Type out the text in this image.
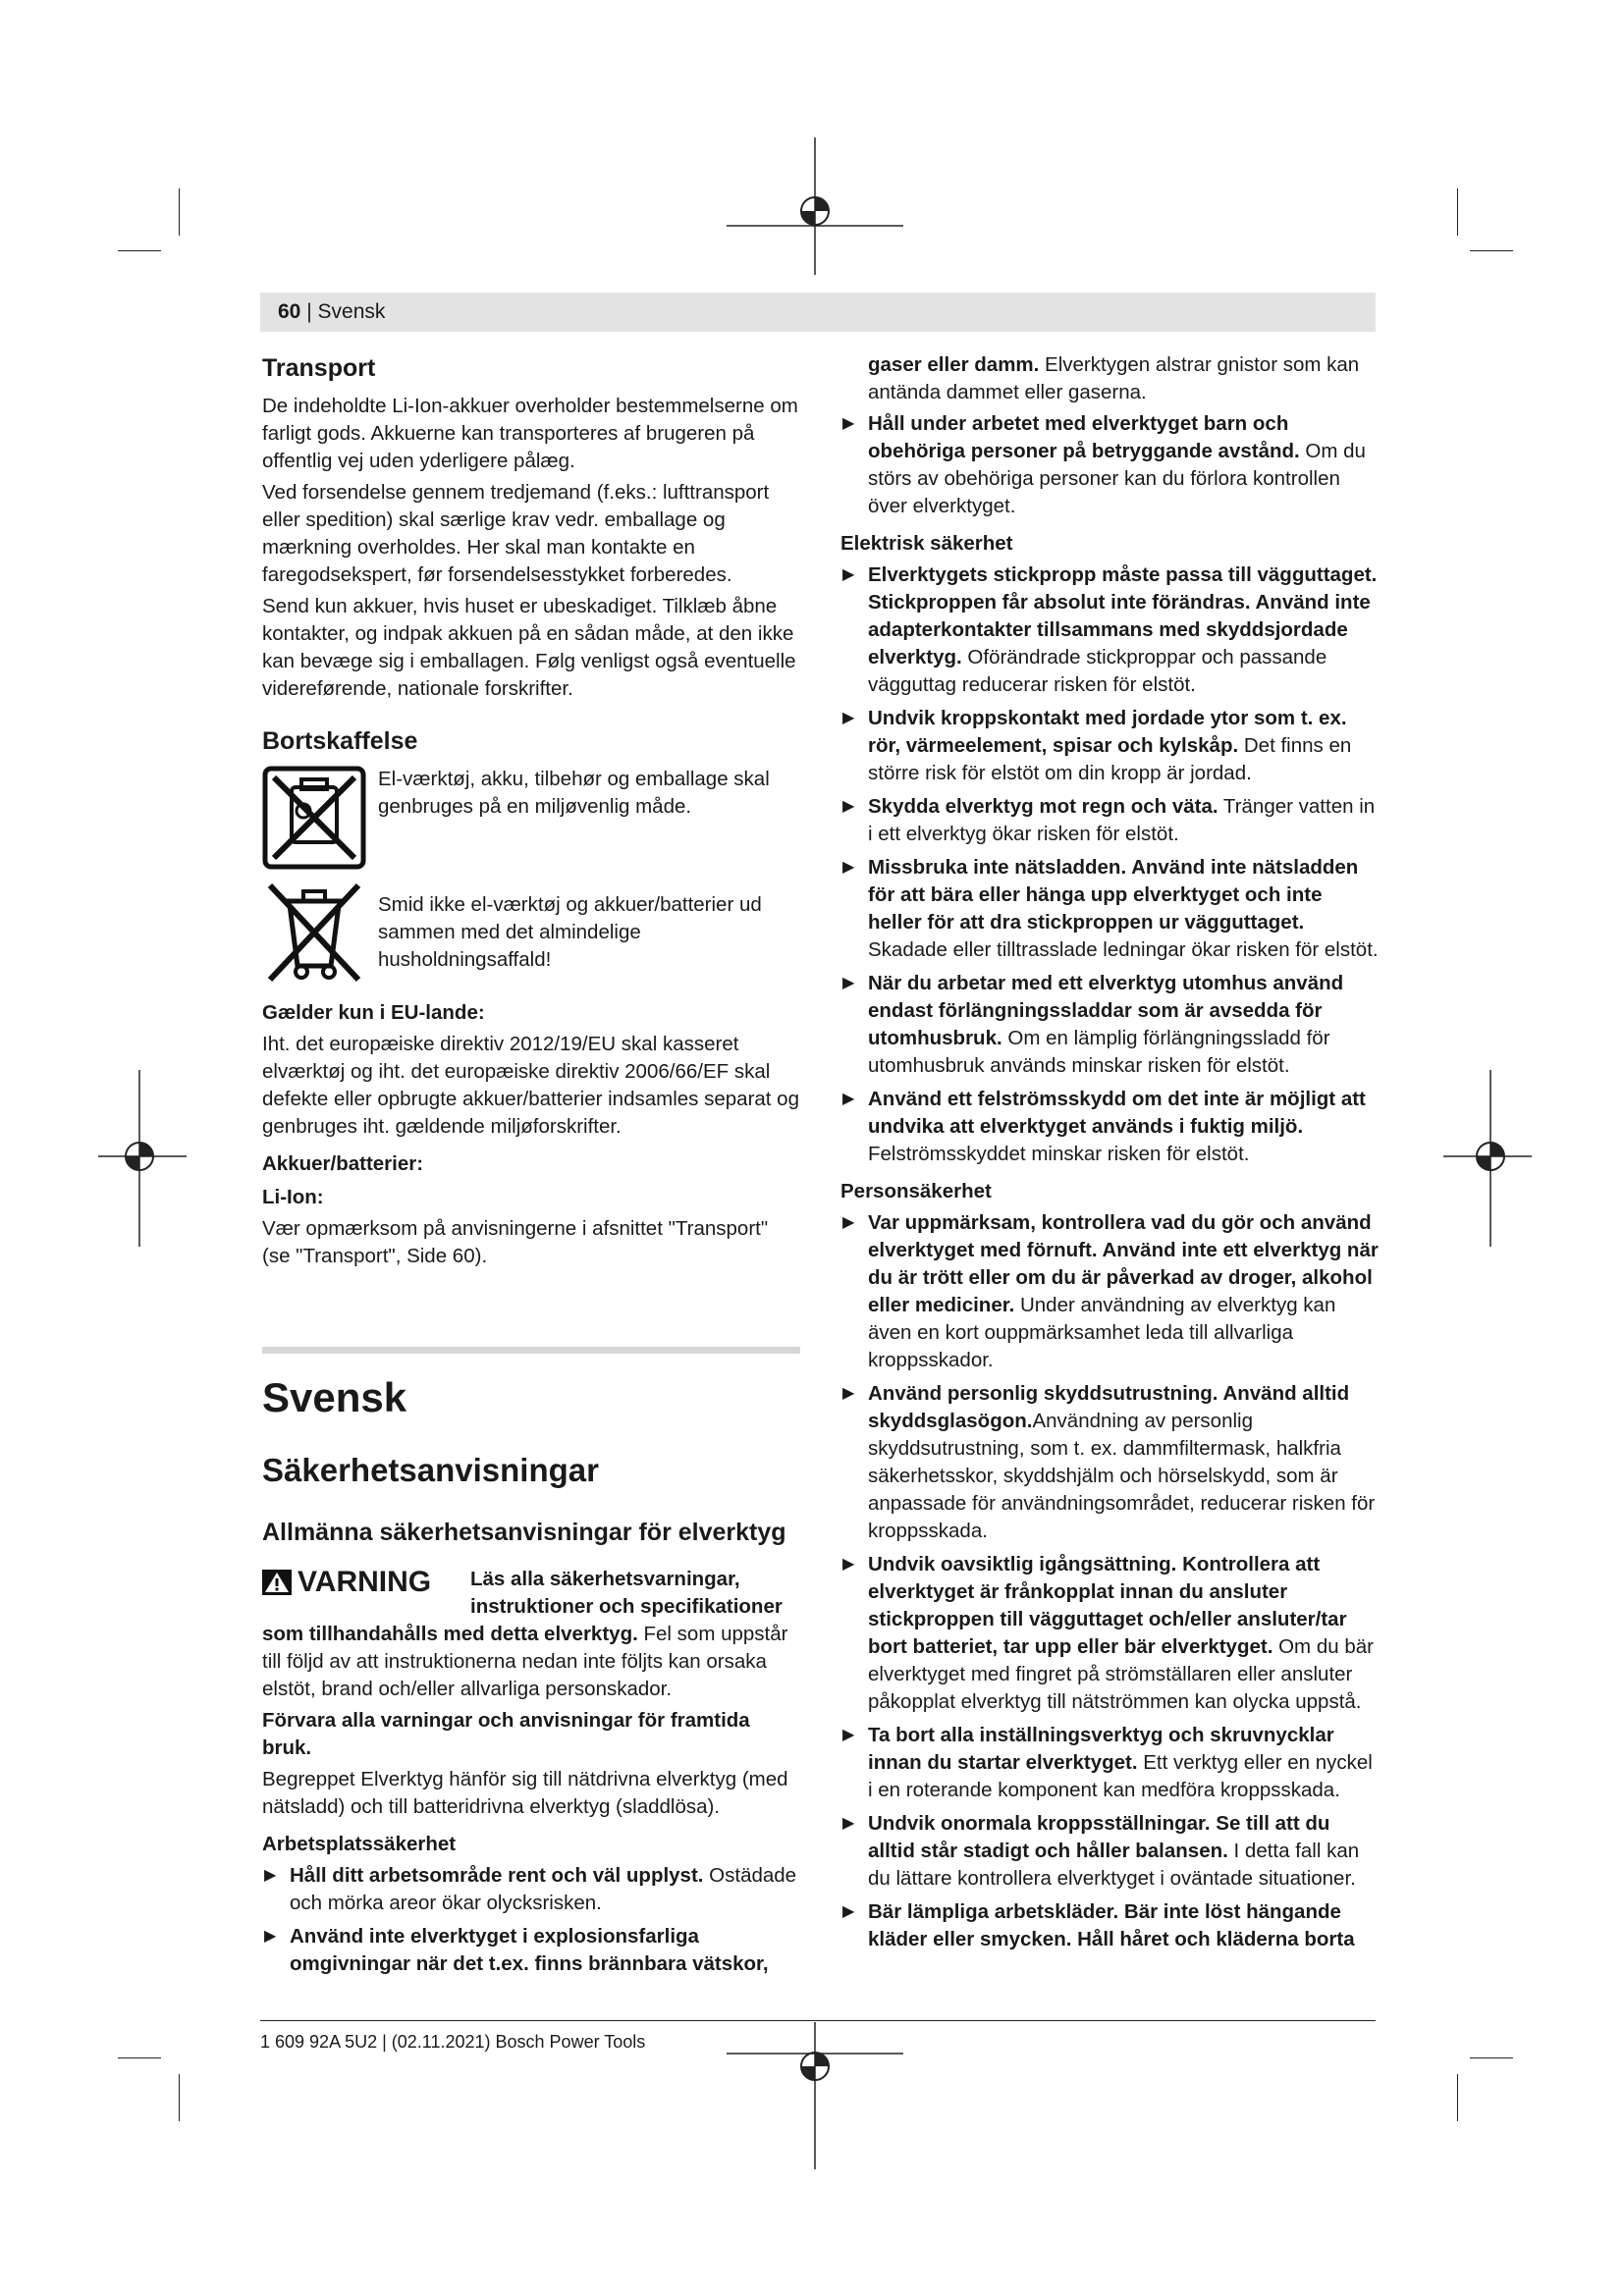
60 | Svensk
Transport

De indeholdte Li-Ion-akkuer overholder bestemmelserne om farligt gods. Akkuerne kan transporteres af brugeren på offentlig vej uden yderligere pålæg.

Ved forsendelse gennem tredjemand (f.eks.: lufttransport eller spedition) skal særlige krav vedr. emballage og mærkning overholdes. Her skal man kontakte en faregodsekspert, før forsendelsesstykket forberedes.

Send kun akkuer, hvis huset er ubeskadiget. Tilklæb åbne kontakter, og indpak akkuen på en sådan måde, at den ikke kan bevæge sig i emballagen. Følg venligst også eventuelle videreførende, nationale forskrifter.

Bortskaffelse
El-værktøj, akku, tilbehør og emballage skal genbruges på en miljøvenlig måde.
Smid ikke el-værktøj og akkuer/batterier ud sammen med det almindelige husholdningsaffald!
Gælder kun i EU-lande:

Iht. det europæiske direktiv 2012/19/EU skal kasseret elværktøj og iht. det europæiske direktiv 2006/66/EF skal defekte eller opbrugte akkuer/batterier indsamles separat og genbruges iht. gældende miljøforskrifter.

Akkuer/batterier:
Li-Ion:

Vær opmærksom på anvisningerne i afsnittet "Transport" (se "Transport", Side 60).

Svensk
Säkerhetsanvisningar
Allmänna säkerhetsanvisningar för elverktyg
VARNING Läs alla säkerhetsvarningar, instruktioner och specifikationer

som tillhandahålls med detta elverktyg. Fel som uppstår till följd av att instruktionerna nedan inte följts kan orsaka elstöt, brand och/eller allvarliga personskador.

Förvara alla varningar och anvisningar för framtida bruk.

Begreppet Elverktyg hänför sig till nätdrivna elverktyg (med nätsladd) och till batteridrivna elverktyg (sladdlösa).

Arbetsplatssäkerhet
▶ Håll ditt arbetsområde rent och väl upplyst. Ostädade och mörka areor ökar olycksrisken.
▶ Använd inte elverktyget i explosionsfarliga omgivningar när det t.ex. finns brännbara vätskor,

gaser eller damm. Elverktygen alstrar gnistor som kan antända dammet eller gaserna.

▶ Håll under arbetet med elverktyget barn och obehöriga personer på betryggande avstånd. Om du störs av obehöriga personer kan du förlora kontrollen över elverktyget.
Elektrisk säkerhet
▶ Elverktygets stickpropp måste passa till vägguttaget. Stickproppen får absolut inte förändras. Använd inte adapterkontakter tillsammans med skyddsjordade elverktyg. Oförändrade stickproppar och passande vägguttag reducerar risken för elstöt.
▶ Undvik kroppskontakt med jordade ytor som t. ex. rör, värmeelement, spisar och kylskåp. Det finns en större risk för elstöt om din kropp är jordad.
▶ Skydda elverktyg mot regn och väta. Tränger vatten in i ett elverktyg ökar risken för elstöt.
▶ Missbruka inte nätsladden. Använd inte nätsladden för att bära eller hänga upp elverktyget och inte heller för att dra stickproppen ur vägguttaget. Skadade eller tilltrasslade ledningar ökar risken för elstöt.
▶ När du arbetar med ett elverktyg utomhus använd endast förlängningssladdar som är avsedda för utomhusbruk. Om en lämplig förlängningssladd för utomhusbruk används minskar risken för elstöt.
▶ Använd ett felströmsskydd om det inte är möjligt att undvika att elverktyget används i fuktig miljö. Felströmsskyddet minskar risken för elstöt.
Personsäkerhet
▶ Var uppmärksam, kontrollera vad du gör och använd elverktyget med förnuft. Använd inte ett elverktyg när du är trött eller om du är påverkad av droger, alkohol eller mediciner. Under användning av elverktyg kan även en kort ouppmärksamhet leda till allvarliga kroppsskador.
▶ Använd personlig skyddsutrustning. Använd alltid skyddsglasögon.Användning av personlig skyddsutrustning, som t. ex. dammfiltermask, halkfria säkerhetsskor, skyddshjälm och hörselskydd, som är anpassade för användningsområdet, reducerar risken för kroppsskada.
▶ Undvik oavsiktlig igångsättning. Kontrollera att elverktyget är frånkopplat innan du ansluter stickproppen till vägguttaget och/eller ansluter/tar bort batteriet, tar upp eller bär elverktyget. Om du bär elverktyget med fingret på strömställaren eller ansluter påkopplat elverktyg till nätströmmen kan olycka uppstå.
▶ Ta bort alla inställningsverktyg och skruvnycklar innan du startar elverktyget. Ett verktyg eller en nyckel i en roterande komponent kan medföra kroppsskada.
▶ Undvik onormala kroppsställningar. Se till att du alltid står stadigt och håller balansen. I detta fall kan du lättare kontrollera elverktyget i oväntade situationer.
▶ Bär lämpliga arbetskläder. Bär inte löst hängande kläder eller smycken. Håll håret och kläderna borta
1 609 92A 5U2 | (02.11.2021) Bosch Power Tools
